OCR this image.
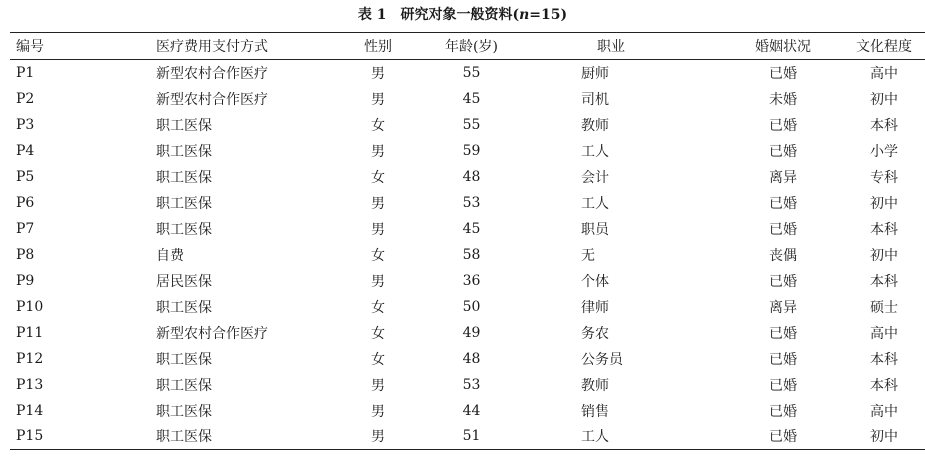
表 1 研究对象一般资料(n=15)
编号	医疗费用支付方式	性别	年龄(岁)	职业	婚姻状况	文化程度
P1	新型农村合作医疗	男	55	厨师	已婚	高中
P2	新型农村合作医疗	男	45	司机	未婚	初中
P3	职工医保	女	55	教师	已婚	本科
P4	职工医保	男	59	工人	已婚	小学
P5	职工医保	女	48	会计	离异	专科
P6	职工医保	男	53	工人	已婚	初中
P7	职工医保	男	45	职员	已婚	本科
P8	自费	女	58	无	丧偶	初中
P9	居民医保	男	36	个体	已婚	本科
P10	职工医保	女	50	律师	离异	硕士
P11	新型农村合作医疗	女	49	务农	已婚	高中
P12	职工医保	女	48	公务员	已婚	本科
P13	职工医保	男	53	教师	已婚	本科
P14	职工医保	男	44	销售	已婚	高中
P15	职工医保	男	51	工人	已婚	初中
